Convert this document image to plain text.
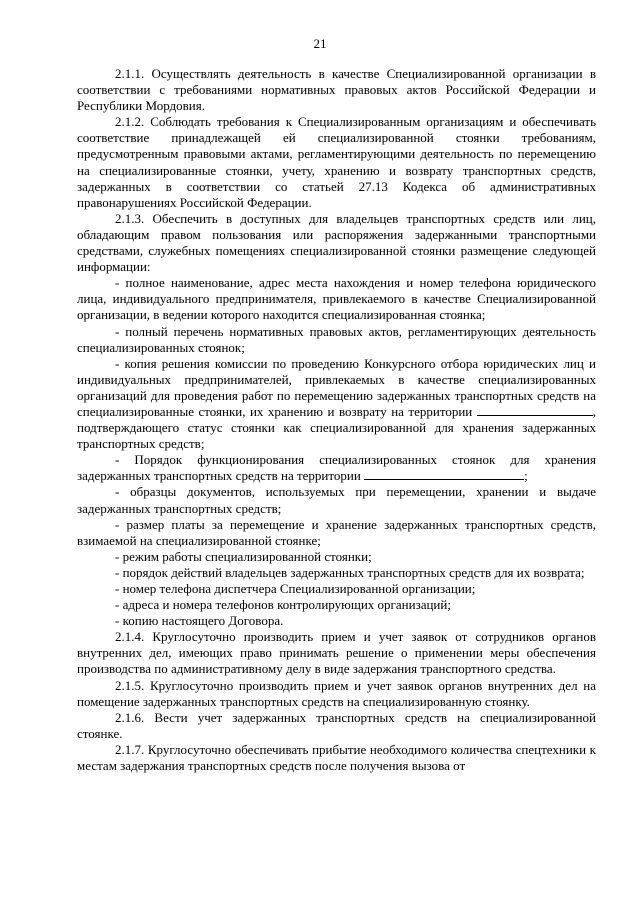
21

2.1.1. Осуществлять деятельность в качестве Специализированной организации в соответствии с требованиями нормативных правовых актов Российской Федерации и Республики Мордовия.

2.1.2. Соблюдать требования к Специализированным организациям и обеспечивать соответствие принадлежащей ей специализированной стоянки требованиям, предусмотренным правовыми актами, регламентирующими деятельность по перемещению на специализированные стоянки, учету, хранению и возврату транспортных средств, задержанных в соответствии со статьей 27.13 Кодекса об административных правонарушениях Российской Федерации.

2.1.3. Обеспечить в доступных для владельцев транспортных средств или лиц, обладающим правом пользования или распоряжения задержанными транспортными средствами, служебных помещениях специализированной стоянки размещение следующей информации:

- полное наименование, адрес места нахождения и номер телефона юридического лица, индивидуального предпринимателя, привлекаемого в качестве Специализированной организации, в ведении которого находится специализированная стоянка;

- полный перечень нормативных правовых актов, регламентирующих деятельность специализированных стоянок;

- копия решения комиссии по проведению Конкурсного отбора юридических лиц и индивидуальных предпринимателей, привлекаемых в качестве специализированных организаций для проведения работ по перемещению задержанных транспортных средств на специализированные стоянки, их хранению и возврату на территории	, подтверждающего статус стоянки как специализированной для хранения задержанных транспортных средств;

- Порядок функционирования специализированных стоянок для хранения задержанных транспортных средств на территории	;

- образцы документов, используемых при перемещении, хранении и выдаче задержанных транспортных средств;

- размер платы за перемещение и хранение задержанных транспортных средств, взимаемой на специализированной стоянке;

- режим работы специализированной стоянки;

- порядок действий владельцев задержанных транспортных средств для их возврата;

- номер телефона диспетчера Специализированной организации;

- адреса и номера телефонов контролирующих организаций;

- копию настоящего Договора.

2.1.4. Круглосуточно производить прием и учет заявок от сотрудников органов внутренних дел, имеющих право принимать решение о применении меры обеспечения производства по административному делу в виде задержания транспортного средства.

2.1.5. Круглосуточно производить прием и учет заявок органов внутренних дел на помещение задержанных транспортных средств на специализированную стоянку.

2.1.6. Вести учет задержанных транспортных средств на специализированной стоянке.

2.1.7. Круглосуточно обеспечивать прибытие необходимого количества спецтехники к местам задержания транспортных средств после получения вызова от
